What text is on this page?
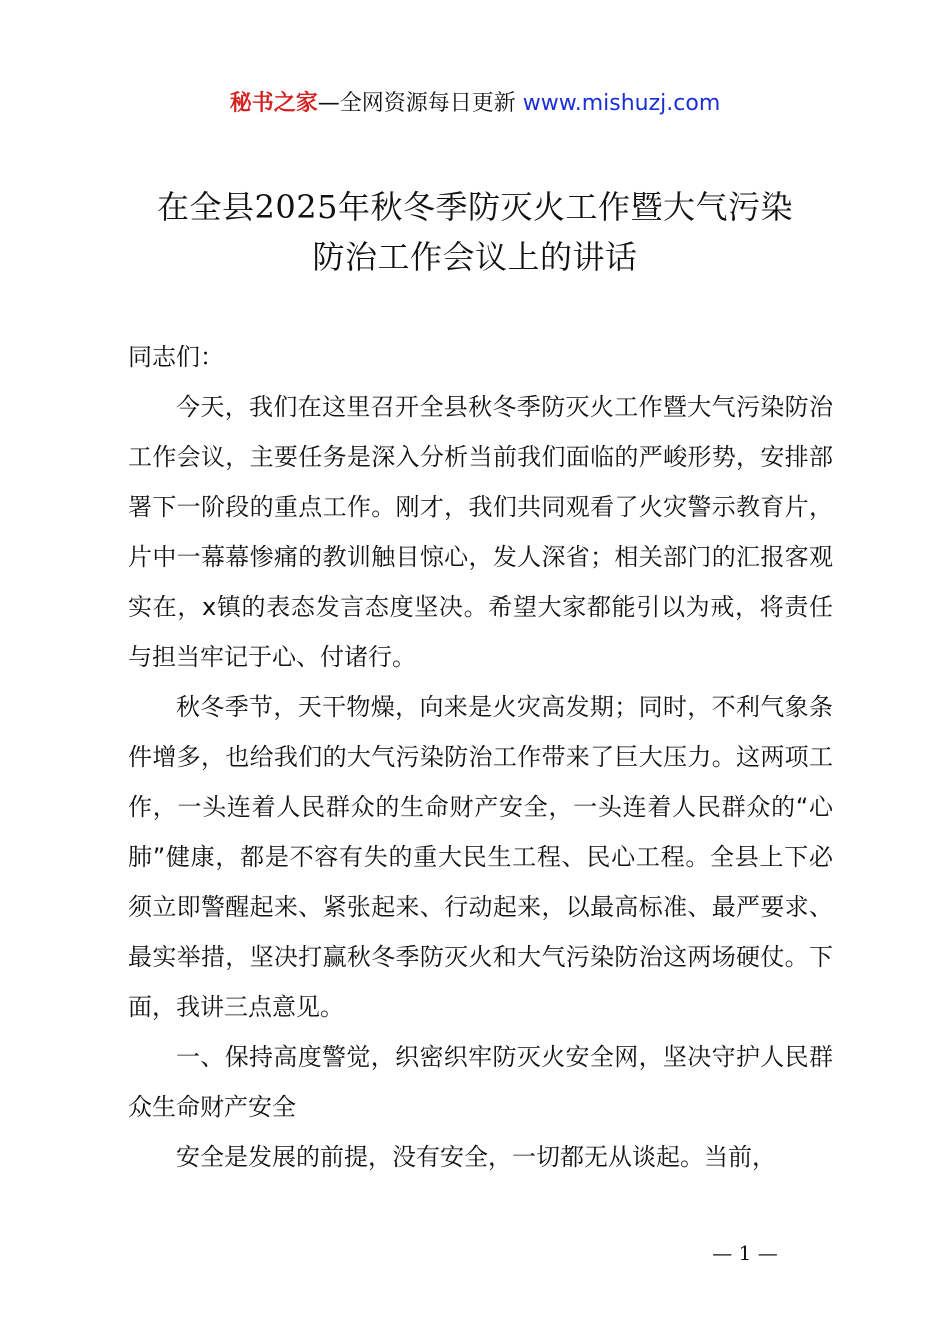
秘书之家—全网资源每日更新 www.mishuzj.com
在全县2025年秋冬季防灭火工作暨大气污染
防治工作会议上的讲话

同志们：

今天，我们在这里召开全县秋冬季防灭火工作暨大气污染防治工作会议，主要任务是深入分析当前我们面临的严峻形势，安排部署下一阶段的重点工作。刚才，我们共同观看了火灾警示教育片，片中一幕幕惨痛的教训触目惊心，发人深省；相关部门的汇报客观实在，x镇的表态发言态度坚决。希望大家都能引以为戒，将责任与担当牢记于心、付诸行。

秋冬季节，天干物燥，向来是火灾高发期；同时，不利气象条件增多，也给我们的大气污染防治工作带来了巨大压力。这两项工作，一头连着人民群众的生命财产安全，一头连着人民群众的“心肺”健康，都是不容有失的重大民生工程、民心工程。全县上下必须立即警醒起来、紧张起来、行动起来，以最高标准、最严要求、最实举措，坚决打赢秋冬季防灭火和大气污染防治这两场硬仗。下面，我讲三点意见。

一、保持高度警觉，织密织牢防灭火安全网，坚决守护人民群众生命财产安全

安全是发展的前提，没有安全，一切都无从谈起。当前，

— 1 —
